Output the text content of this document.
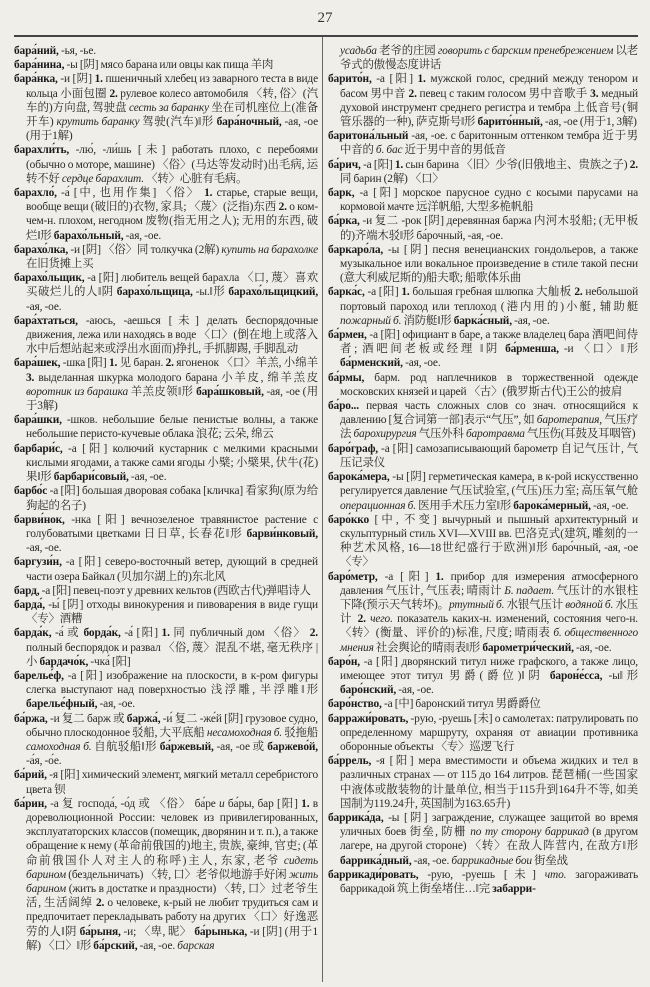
27

бара́ний, -ья, -ье.

бара́нина, -ы [阴] мясо барана или овцы как пища 羊肉

бара́нка, -и [阴] 1. пшеничный хлебец из заварного теста в виде кольца 小面包圈 2. рулевое колесо автомобиля 〈转, 俗〉(汽车的)方向盘, 驾驶盘 сесть за баранку 坐在司机座位上(准备开车) крутить баранку 驾驶(汽车)‖形 бара́ночный, -ая, -ое (用于1解)

барахли́ть, -лю́, -ли́шь [未] работать плохо, с перебоями (обычно о моторе, машине) 〈俗〉(马达等发动时)出毛病, 运转不好 сердце барахлит. 〈转〉心脏有毛病。

барахло́, -а́ [中, 也用作集] 〈俗〉 1. старье, старые вещи, вообще вещи (破旧的)衣物, 家具; 〈蔑〉(泛指)东西 2. о ком-чем-н. плохом, негодном 废物(指无用之人); 无用的东西, 破烂‖形 барахо́льный, -ая, -ое.

барахо́лка, -и [阴] 〈俗〉同 толкучка (2解) купить на барахолке 在旧货摊上买

барахо́льщик, -а [阳] любитель вещей барахла 〈口, 蔑〉喜欢买破烂儿的人‖阴 барахо́льщица, -ы.‖形 барахо́льщицкий, -ая, -ое.

бара́хтаться, -аюсь, -аешься [未] делать беспорядочные движения, лежа или находясь в воде 〈口〉(倒在地上或落入水中后想站起来或浮出水面而)挣扎, 手抓脚踢, 手脚乱动

бара́шек, -шка [阳] 1. 见 баран. 2. ягоненок 〈口〉羊羔, 小绵羊 3. выделанная шкурка молодого барана 小羊皮, 绵羊羔皮 воротник из барашка 羊羔皮领‖形 бара́шковый, -ая, -ое (用于3解)

бара́шки, -шков. небольшие белые пенистые волны, а также небольшие перисто-кучевые облака 浪花; 云朵, 绵云

барбари́с, -а [阳] колючий кустарник с мелкими красными кислыми ягодами, а также сами ягоды 小檗; 小檗果, 伏牛(花)果‖形 барбари́совый, -ая, -ое.

барбо́с -а [阳] большая дворовая собака [кличка] 看家狗(原为给狗起的名子)

барви́нок, -нка [阳] вечнозеленое травянистое растение с голубоватыми цветками 日日草, 长春花‖形 барви́нковый, -ая, -ое.

баргузи́н, -а [阳] северо-восточный ветер, дующий в средней части озера Байкал (贝加尔湖上的)东北风

бард, -а [阳] певец-поэт у древних кельтов (西欧古代)弹唱诗人

барда́, -ы́ [阴] отходы винокурения и пивоварения в виде гущи 〈专〉酒糟

барда́к, -а́ 或 борда́к, -а́ [阳] 1. 同 публичный дом 〈俗〉 2. полный беспорядок и развал 〈俗, 蔑〉混乱不堪, 毫无秩序 | 小 бардачо́к, -чка́ [阳]

барелье́ф, -а [阳] изображение на плоскости, в к-ром фигуры слегка выступают над поверхностью 浅浮雕, 半浮雕‖形 барелье́фный, -ая, -ое.

ба́ржа, -и 复二 барж 或 баржа́, -и́ 复二 -же́й [阴] грузовое судно, обычно плоскодонное 驳船, 大平底船 несамоходная б. 驳拖船 самоходная б. 自航驳船‖形 ба́ржевый, -ая, -ое 或 баржево́й, -а́я, -о́е.

ба́рий, -я [阳] химический элемент, мягкий металл серебристого цвета 钡

ба́рин, -а 复 господа́, -о́д 或 〈俗〉 ба́ре и ба́ры, бар [阳] 1. в дореволюционной России: человек из привилегированных, эксплуататорских классов (помещик, дворянин и т. п.), а также обращение к нему (革命前俄国的)地主, 贵族, 豪绅, 官吏; (革命前俄国仆人对主人的称呼)主人, 东家, 老爷 сидеть барином (бездельничать) 〈转, 口〉老爷似地游手好闲 жить барином (жить в достатке и праздности) 〈转, 口〉过老爷生活, 生活阔绰 2. о человеке, к-рый не любит трудиться сам и предпочитает перекладывать работу на других 〈口〉好逸恶劳的人‖阴 ба́рыня, -и; 〈卑, 昵〉 ба́рынька, -и [阴] (用于1解) 〈口〉‖形 ба́рский, -ая, -ое. барская

усадьба 老爷的庄园 говорить с барским пренебрежением 以老爷式的傲慢态度讲话

барито́н, -а [阳] 1. мужской голос, средний между тенором и басом 男中音 2. певец с таким голосом 男中音歌手 3. медный духовой инструмент среднего регистра и тембра 上低音号(铜管乐器的一种), 萨克斯号‖形 барито́нный, -ая, -ое (用于1, 3解)

баритона́льный -ая, -ое. с баритонным оттенком тембра 近于男中音的 б. бас 近于男中音的男低音

ба́рич, -а [阳] 1. сын барина 〈旧〉少爷(旧俄地主、贵族之子) 2. 同 барин (2解) 〈口〉

барк, -а [阳] морское парусное судно с косыми парусами на кормовой мачте 远洋帆船, 大型多桅帆船

ба́рка, -и 复二 -рок [阴] деревянная баржа 内河木驳船; (无甲板的)齐端木驳‖形 ба́рочный, -ая, -ое.

баркаро́ла, -ы [阴] песня венецианских гондольеров, а также музыкальное или вокальное произведение в стиле такой песни (意大利威尼斯的)船夫歌; 船歌体乐曲

барка́с, -а [阳] 1. большая гребная шлюпка 大舢板 2. небольшой портовый пароход или теплоход (港内用的)小艇, 辅助艇 пожарный б. 消防艇‖形 барка́сный, -ая, -ое.

ба́рмен, -а [阳] официант в баре, а также владелец бара 酒吧间侍者; 酒吧间老板或经理 ‖阴 ба́рменша, -и 〈口〉‖形 ба́рменский, -ая, -ое.

ба́рмы, барм. род наплечников в торжественной одежде московских князей и царей 〈古〉(俄罗斯古代)王公的披肩

ба́ро... первая часть сложных слов со знач. относящийся к давлению [复合词第一部]表示“气压”, 如 баротерапия, 气压疗法 барохирургия 气压外科 баротравма 气压伤(耳鼓及耳咽管)

баро́граф, -а [阳] самозаписывающий барометр 自记气压计, 气压记录仪

барока́мера, -ы [阴] герметическая камера, в к-рой искусственно регулируется давление 气压试验室, (气压)压力室; 高压氧气舱 операционная б. 医用手术压力室‖形 барока́мерный, -ая, -ое.

баро́кко [中, 不变] вычурный и пышный архитектурный и скульптурный стиль XVI—XVIII вв. 巴洛克式(建筑, 雕刻的一种艺术风格, 16—18世纪盛行于欧洲)‖形 баро́чный, -ая, -ое 〈专〉

баро́метр, -а [阳] 1. прибор для измерения атмосферного давления 气压计, 气压表; 晴雨计 Б. падает. 气压计的水银柱下降(预示天气转坏)。ртутный б. 水银气压计 водяной б. 水压计 2. чего. показатель каких-н. изменений, состояния чего-н. 〈转〉(衡量、评价的)标准, 尺度; 晴雨表 б. общественного мнения 社会舆论的晴雨表‖形 барометри́ческий, -ая, -ое.

баро́н, -а [阳] дворянский титул ниже графского, а также лицо, имеющее этот титул 男爵(爵位)‖阴 барон́е́сса, -ы‖形 баро́нский, -ая, -ое.

баро́нство, -а [中] баронский титул 男爵爵位

барражи́ровать, -рую, -руешь [未] о самолетах: патрулировать по определенному маршруту, охраняя от авиации противника оборонные объекты 〈专〉巡逻飞行

ба́ррель, -я [阳] мера вместимости и объема жидких и тел в различных странах — от 115 до 164 литров. 琵琶桶(一些国家中液体或散装物的计量单位, 相当于115升到164升不等, 如美国制为119.24升, 英国制为163.65升)

баррика́да, -ы [阴] заграждение, служащее защитой во время уличных боев 街垒, 防栅 по ту сторону баррикад (в другом лагере, на другой стороне) 〈转〉在敌人阵营内, 在敌方‖形 баррика́дный, -ая, -ое. баррикадные бои 街垒战

баррикади́ровать, -рую, -руешь [未] что. загораживать баррикадой 筑上街垒堵住…‖完 забарри-
